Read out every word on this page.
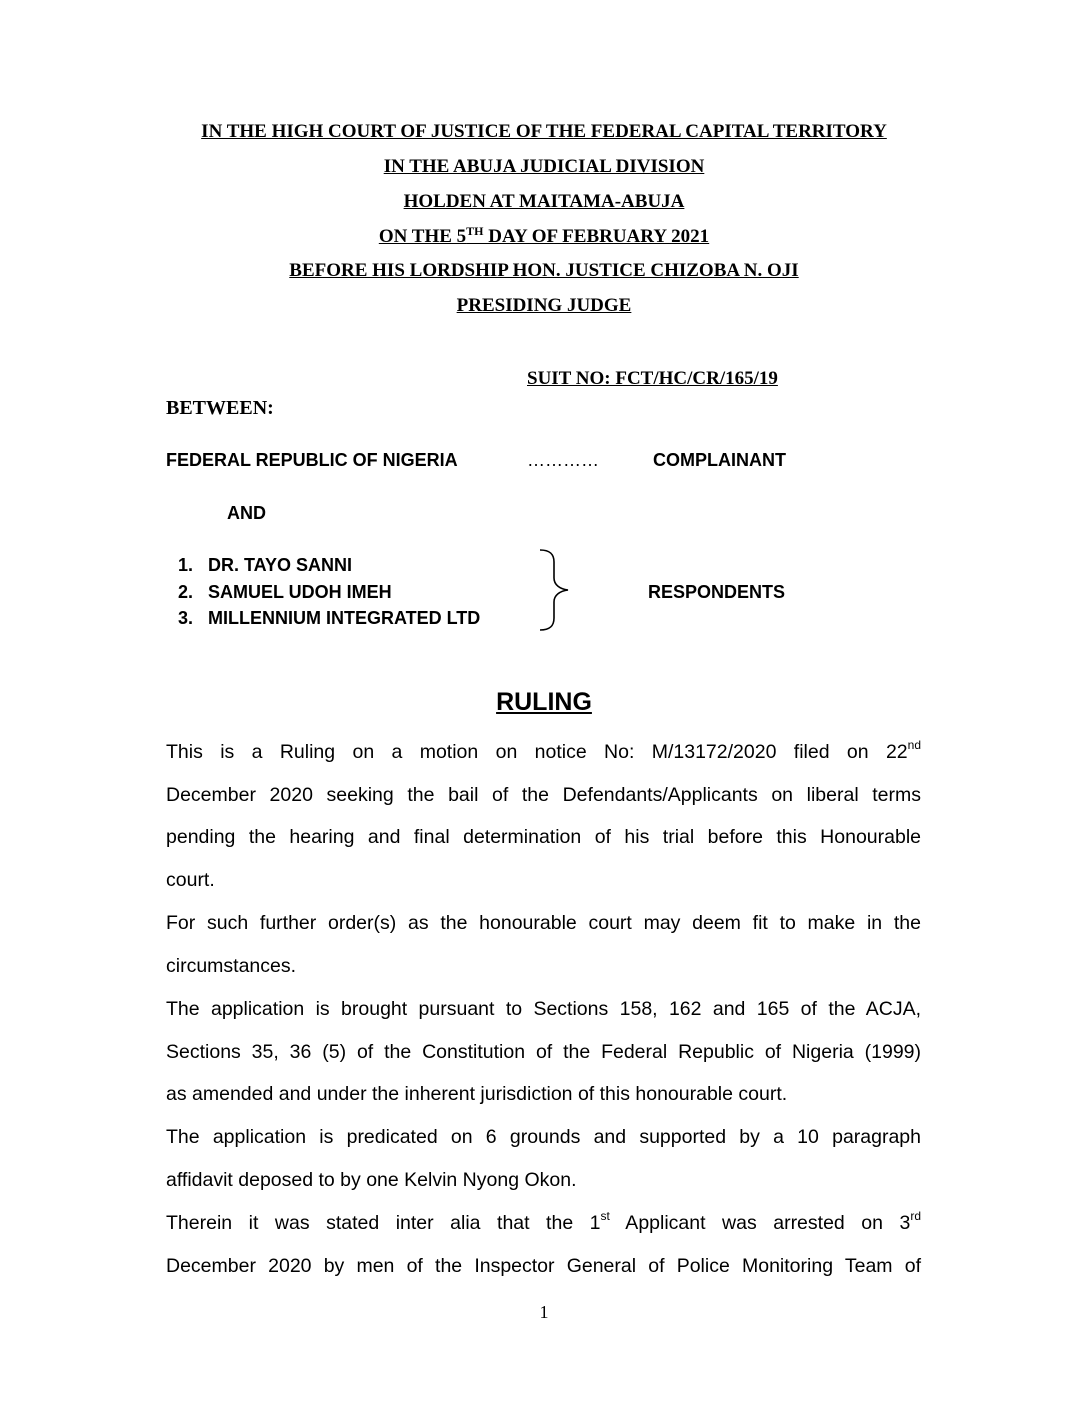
IN THE HIGH COURT OF JUSTICE OF THE FEDERAL CAPITAL TERRITORY
IN THE ABUJA JUDICIAL DIVISION
HOLDEN AT MAITAMA-ABUJA
ON THE 5TH DAY OF FEBRUARY 2021
BEFORE HIS LORDSHIP HON. JUSTICE CHIZOBA N. OJI
PRESIDING JUDGE
SUIT NO: FCT/HC/CR/165/19
BETWEEN:
FEDERAL REPUBLIC OF NIGERIA	…………	COMPLAINANT
AND
1. DR. TAYO SANNI
2. SAMUEL UDOH IMEH
3. MILLENNIUM INTEGRATED LTD
RESPONDENTS
RULING
This is a Ruling on a motion on notice No: M/13172/2020 filed on 22nd
December 2020 seeking the bail of the Defendants/Applicants on liberal terms
pending the hearing and final determination of his trial before this Honourable
court.
For such further order(s) as the honourable court may deem fit to make in the
circumstances.
The application is brought pursuant to Sections 158, 162 and 165 of the ACJA,
Sections 35, 36 (5) of the Constitution of the Federal Republic of Nigeria (1999)
as amended and under the inherent jurisdiction of this honourable court.
The application is predicated on 6 grounds and supported by a 10 paragraph
affidavit deposed to by one Kelvin Nyong Okon.
Therein it was stated inter alia that the 1st Applicant was arrested on 3rd
December 2020 by men of the Inspector General of Police Monitoring Team of
1
